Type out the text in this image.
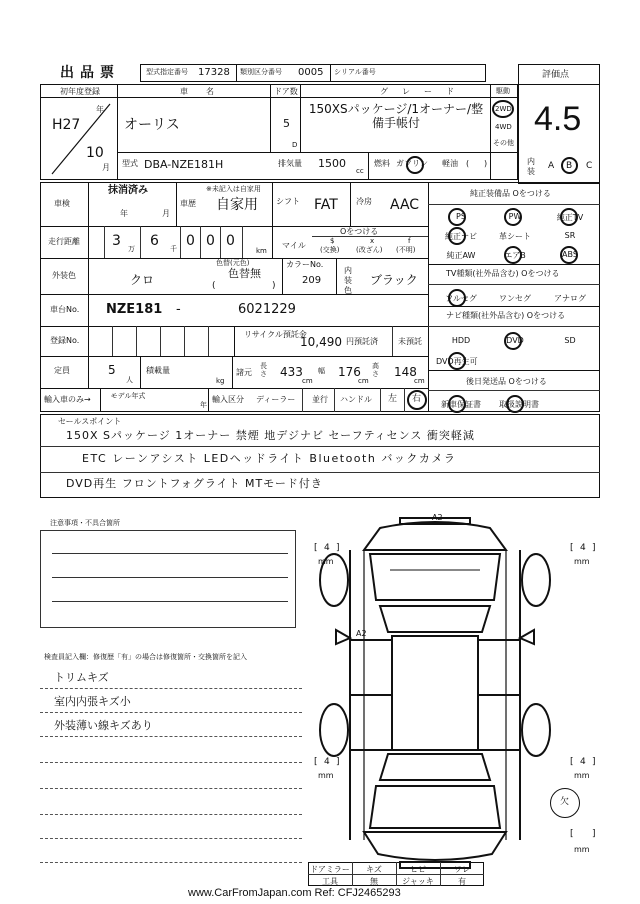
出品票	型式指定番号 17328 類別区分番号 0005 シリアル番号	評価点
4.5
初年度登録
H27
年
10
月
車名
オーリス
型式 DBA-NZE181H
ドア数
5
D
グレード
150XSパッケージ/1オーナー/整備手帳付
排気量 1500
cc
燃料 ガソリン 軽油 ( )
駆動
2WD
4WD
その他
内装
A B C
車検
抹消済み
年	月
※未記入は自家用
車歴 自家用 シフト FAT 冷房 AAC
走行距離 3 万 6 千 0 0 0
km
マイル
Oをつける
$
(交換)
x
(改ざん)
f
(不明)
外装色	クロ
色替(元色)
色替無
(	)
カラーNo.
209
内装色
ブラック
車台No. NZE181 -	6021229
登録No.
リサイクル預託金
10,490 円預託済	未預託
定員	5
人
積載量
kg
諸元
長さ 433
cm
幅 176
cm
高さ 148
cm
輸入車のみ→	モデル年式
年
輸入区分 ディーラー 並行 ハンドル 左 右
純正装備品 Oをつける
PS	PW	純正TV
純正ナビ	革シート	SR
純正AW	エアB	ABS
TV種類(社外品含む) Oをつける
フルセグ	ワンセグ	アナログ
ナビ種類(社外品含む) Oをつける
HDD	DVD	SD
DVD再生可
後日発送品 Oをつける
新車保証書	取扱説明書
セールスポイント
150X Sパッケージ 1オーナー 禁煙 地デジナビ セーフティセンス 衝突軽減
ETC レーンアシスト LEDヘッドライト Bluetooth バックカメラ
DVD再生 フロントフォグライト MTモード付き
注意事項・不具合箇所
検査員記入欄：修復歴「有」の場合は修復箇所・交換箇所を記入
トリムキズ
室内内張キズ小
外装薄い線キズあり
A2
A2
[ 4 ]
mm
[ 4 ]
mm
[ 4 ]
mm
[ 4 ]
mm
欠
[ ]
mm
ドアミラー	キズ	ヒビ	ワレ
工具	無	ジャッキ	有
www.CarFromJapan.com Ref: CFJ2465293
